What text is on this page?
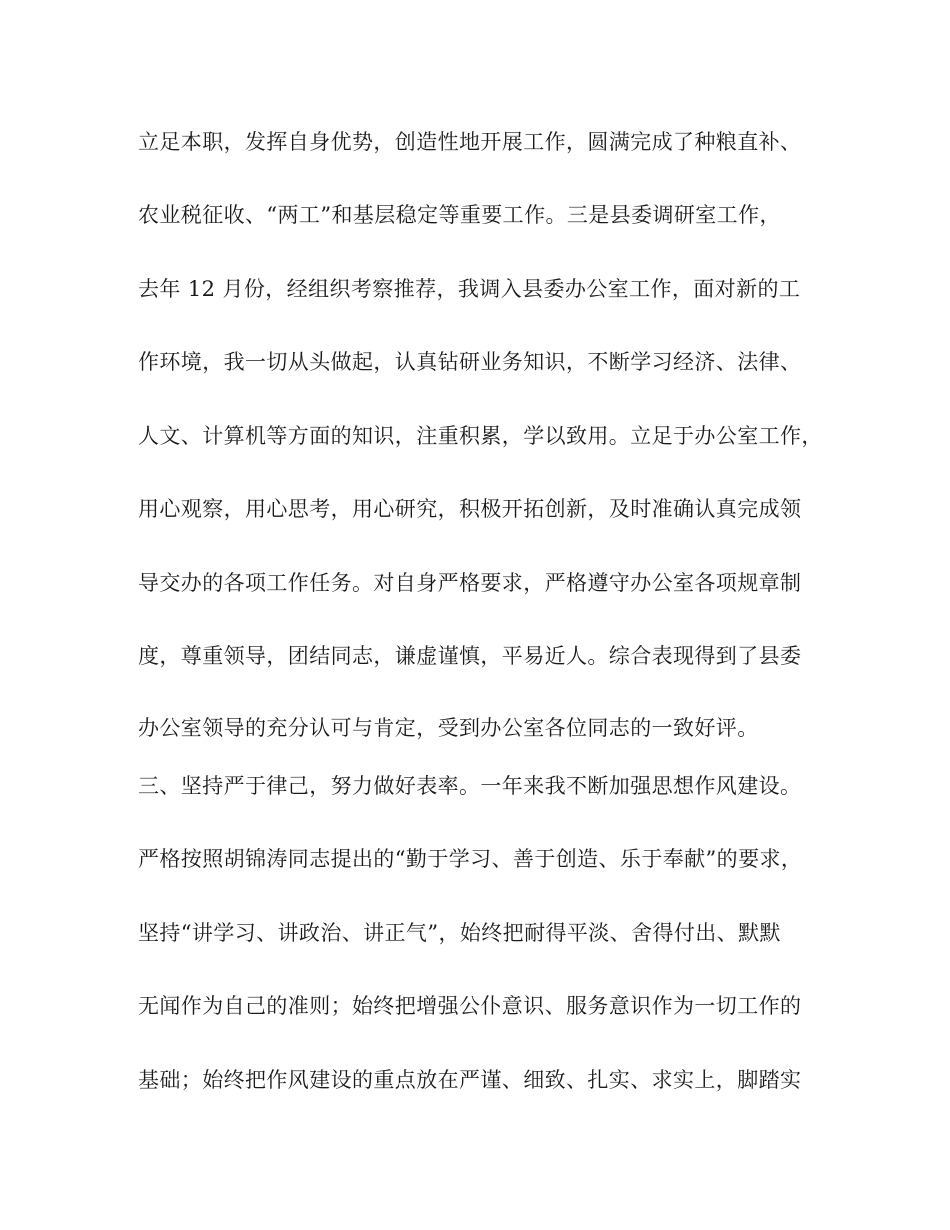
立足本职，发挥自身优势，创造性地开展工作，圆满完成了种粮直补、
农业税征收、“两工”和基层稳定等重要工作。三是县委调研室工作，
去年 12 月份，经组织考察推荐，我调入县委办公室工作，面对新的工
作环境，我一切从头做起，认真钻研业务知识，不断学习经济、法律、
人文、计算机等方面的知识，注重积累，学以致用。立足于办公室工作，
用心观察，用心思考，用心研究，积极开拓创新，及时准确认真完成领
导交办的各项工作任务。对自身严格要求，严格遵守办公室各项规章制
度，尊重领导，团结同志，谦虚谨慎，平易近人。综合表现得到了县委
办公室领导的充分认可与肯定，受到办公室各位同志的一致好评。
三、坚持严于律己，努力做好表率。一年来我不断加强思想作风建设。
严格按照胡锦涛同志提出的“勤于学习、善于创造、乐于奉献”的要求，
坚持“讲学习、讲政治、讲正气”，始终把耐得平淡、舍得付出、默默
无闻作为自己的准则；始终把增强公仆意识、服务意识作为一切工作的
基础；始终把作风建设的重点放在严谨、细致、扎实、求实上，脚踏实
